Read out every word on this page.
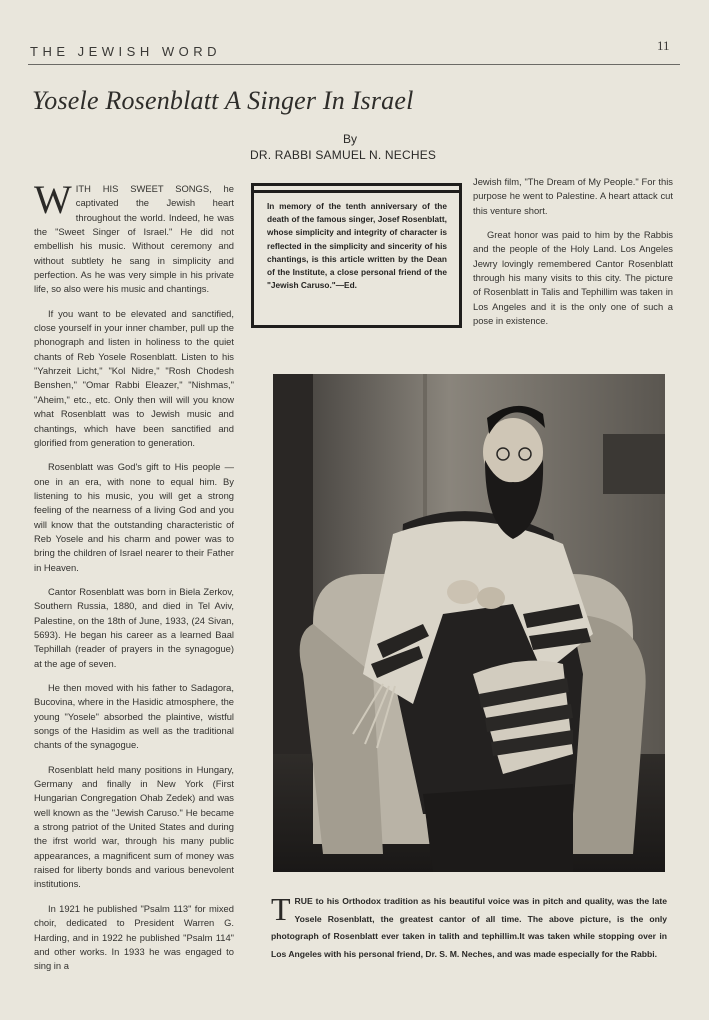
THE JEWISH WORD	11
Yosele Rosenblatt A Singer In Israel
By
DR. RABBI SAMUEL N. NECHES

WITH HIS SWEET SONGS, he captivated the Jewish heart throughout the world. Indeed, he was the "Sweet Singer of Israel." He did not embellish his music. Without ceremony and without subtlety he sang in simplicity and perfection. As he was very simple in his private life, so also were his music and chantings.

If you want to be elevated and sanctified, close yourself in your inner chamber, pull up the phonograph and listen in holiness to the quiet chants of Reb Yosele Rosenblatt. Listen to his "Yahrzeit Licht," "Kol Nidre," "Rosh Chodesh Benshen," "Omar Rabbi Eleazer," "Nishmas," "Aheim," etc., etc. Only then will will you know what Rosenblatt was to Jewish music and chantings, which have been sanctified and glorified from generation to generation.

Rosenblatt was God's gift to His people — one in an era, with none to equal him. By listening to his music, you will get a strong feeling of the nearness of a living God and you will know that the outstanding characteristic of Reb Yosele and his charm and power was to bring the children of Israel nearer to their Father in Heaven.

Cantor Rosenblatt was born in Biela Zerkov, Southern Russia, 1880, and died in Tel Aviv, Palestine, on the 18th of June, 1933, (24 Sivan, 5693). He began his career as a learned Baal Tephillah (reader of prayers in the synagogue) at the age of seven.

He then moved with his father to Sadagora, Bucovina, where in the Hasidic atmosphere, the young "Yosele" absorbed the plaintive, wistful songs of the Hasidim as well as the traditional chants of the synagogue.

Rosenblatt held many positions in Hungary, Germany and finally in New York (First Hungarian Congregation Ohab Zedek) and was well known as the "Jewish Caruso." He became a strong patriot of the United States and during the ifrst world war, through his many public appearances, a magnificent sum of money was raised for liberty bonds and various benevolent institutions.

In 1921 he published "Psalm 113" for mixed choir, dedicated to President Warren G. Harding, and in 1922 he published "Psalm 114" and other works. In 1933 he was engaged to sing in a

In memory of the tenth anniversary of the death of the famous singer, Josef Rosenblatt, whose simplicity and integrity of character is reflected in the simplicity and sincerity of his chantings, is this article written by the Dean of the Institute, a close personal friend of the "Jewish Caruso."—Ed.

Jewish film, "The Dream of My People." For this purpose he went to Palestine. A heart attack cut this venture short.

Great honor was paid to him by the Rabbis and the people of the Holy Land. Los Angeles Jewry lovingly remembered Cantor Rosenblatt through his many visits to this city. The picture of Rosenblatt in Talis and Tephillim was taken in Los Angeles and it is the only one of such a pose in existence.

TRUE to his Orthodox tradition as his beautiful voice was in pitch and quality, was the late Yosele Rosenblatt, the greatest cantor of all time. The above picture, is the only photograph of Rosenblatt ever taken in talith and tephillim.It was taken while stopping over in Los Angeles with his personal friend, Dr. S. M. Neches, and was made especially for the Rabbi.
